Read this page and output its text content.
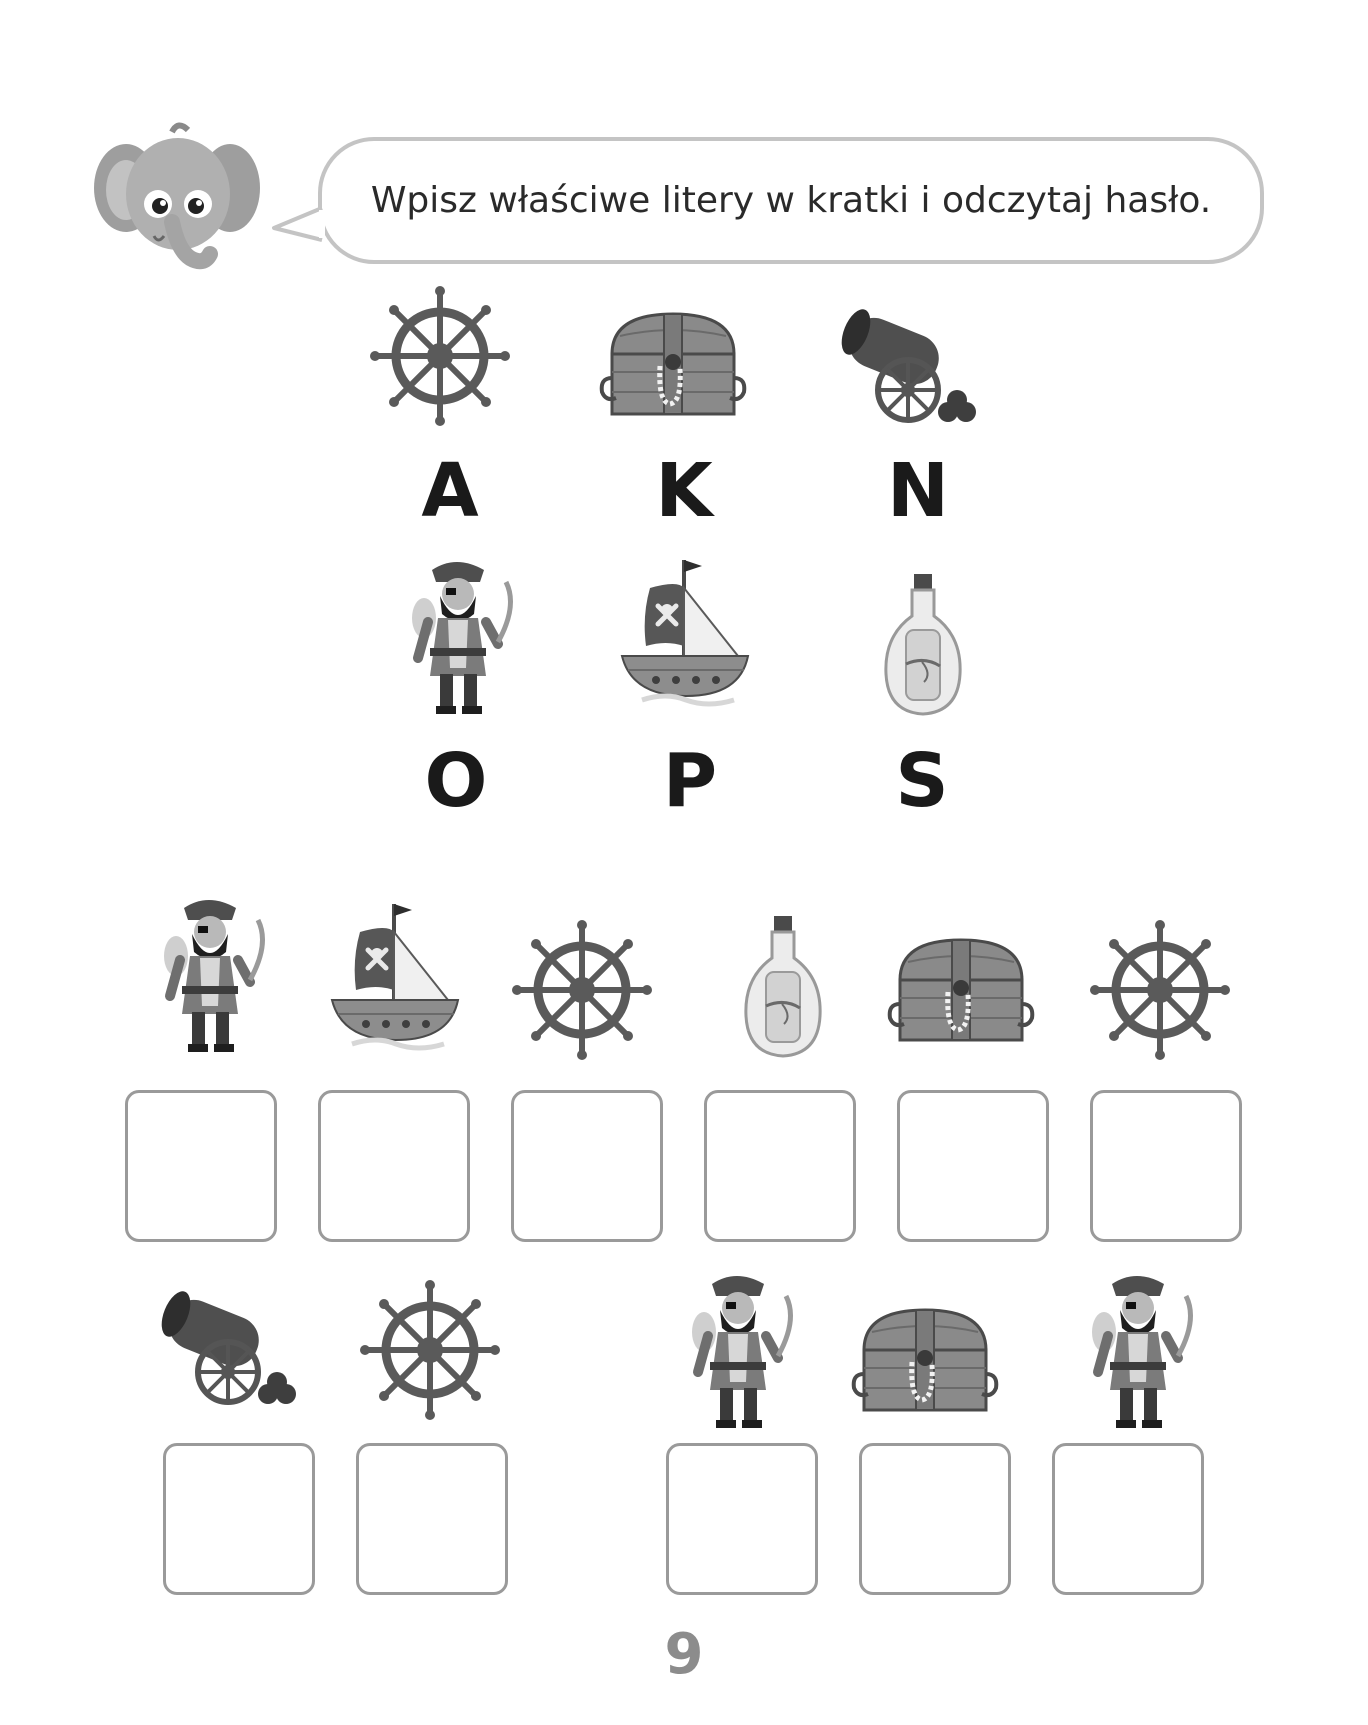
Wpisz właściwe litery w kratki i odczytaj hasło.
A	K	N
O	P	S
9
